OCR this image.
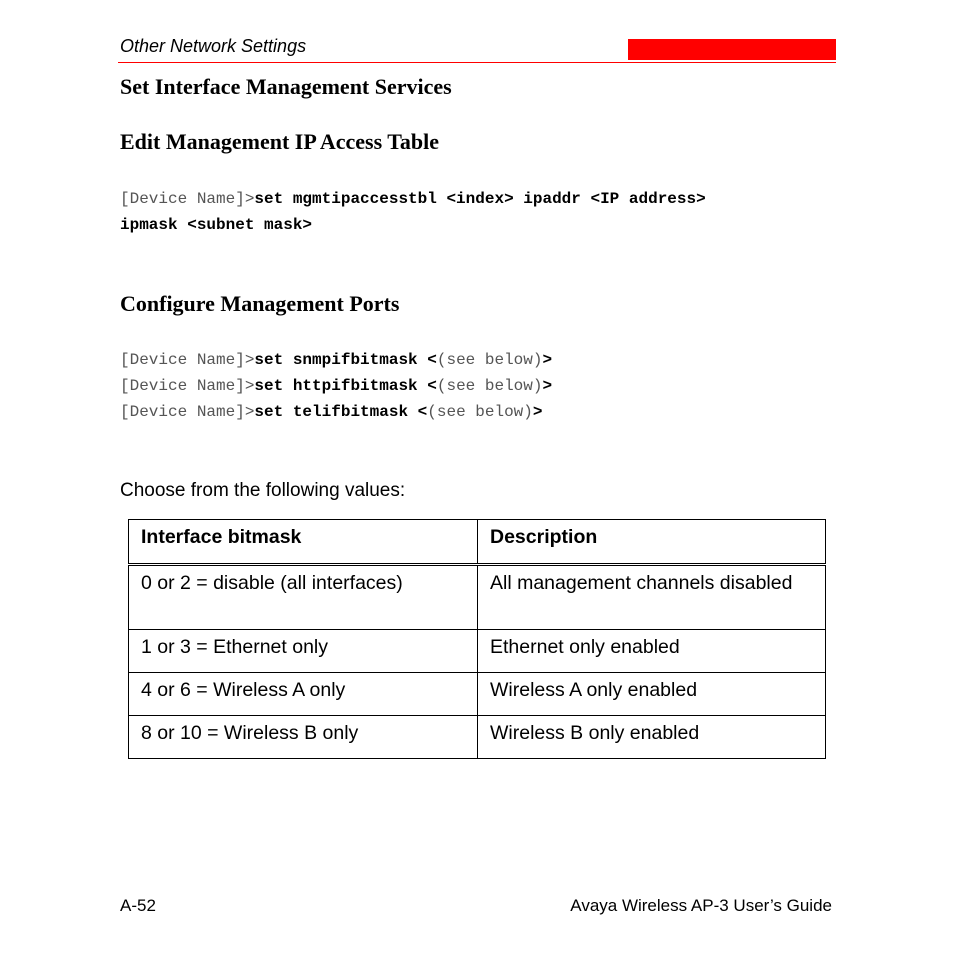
Other Network Settings
Set Interface Management Services
Edit Management IP Access Table
[Device Name]>set mgmtipaccesstbl <index> ipaddr <IP address>
ipmask <subnet mask>
Configure Management Ports
[Device Name]>set snmpifbitmask <(see below)>
[Device Name]>set httpifbitmask <(see below)>
[Device Name]>set telifbitmask <(see below)>
Choose from the following values:
Interface bitmask	Description
0 or 2 = disable (all interfaces)	All management channels disabled
1 or 3 = Ethernet only	Ethernet only enabled
4 or 6 = Wireless A only	Wireless A only enabled
8 or 10 = Wireless B only	Wireless B only enabled
A-52	Avaya Wireless AP-3 User’s Guide
